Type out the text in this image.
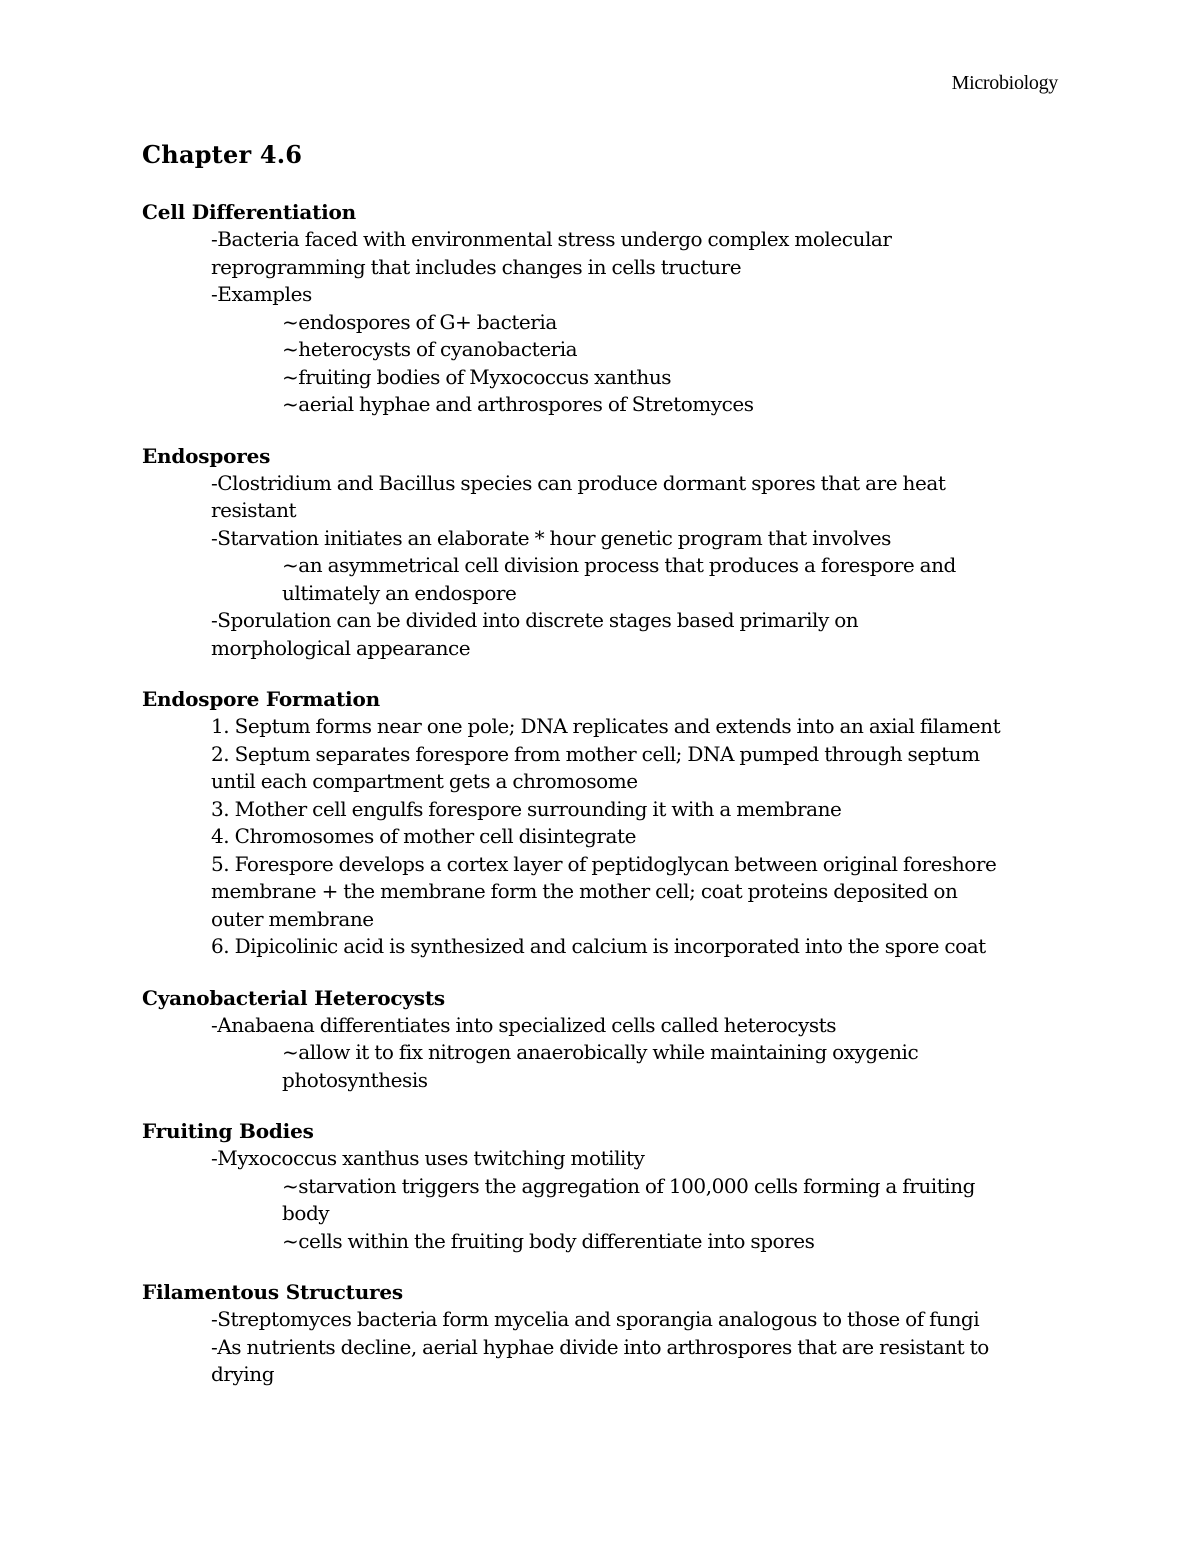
Microbiology
Chapter 4.6
Cell Differentiation
-Bacteria faced with environmental stress undergo complex molecular
reprogramming that includes changes in cells tructure
-Examples
~endospores of G+ bacteria
~heterocysts of cyanobacteria
~fruiting bodies of Myxococcus xanthus
~aerial hyphae and arthrospores of Stretomyces
Endospores
-Clostridium and Bacillus species can produce dormant spores that are heat
resistant
-Starvation initiates an elaborate * hour genetic program that involves
~an asymmetrical cell division process that produces a forespore and
ultimately an endospore
-Sporulation can be divided into discrete stages based primarily on
morphological appearance
Endospore Formation
1. Septum forms near one pole; DNA replicates and extends into an axial filament
2. Septum separates forespore from mother cell; DNA pumped through septum
until each compartment gets a chromosome
3. Mother cell engulfs forespore surrounding it with a membrane
4. Chromosomes of mother cell disintegrate
5. Forespore develops a cortex layer of peptidoglycan between original foreshore
membrane + the membrane form the mother cell; coat proteins deposited on
outer membrane
6. Dipicolinic acid is synthesized and calcium is incorporated into the spore coat
Cyanobacterial Heterocysts
-Anabaena differentiates into specialized cells called heterocysts
~allow it to fix nitrogen anaerobically while maintaining oxygenic
photosynthesis
Fruiting Bodies
-Myxococcus xanthus uses twitching motility
~starvation triggers the aggregation of 100,000 cells forming a fruiting
body
~cells within the fruiting body differentiate into spores
Filamentous Structures
-Streptomyces bacteria form mycelia and sporangia analogous to those of fungi
-As nutrients decline, aerial hyphae divide into arthrospores that are resistant to
drying
